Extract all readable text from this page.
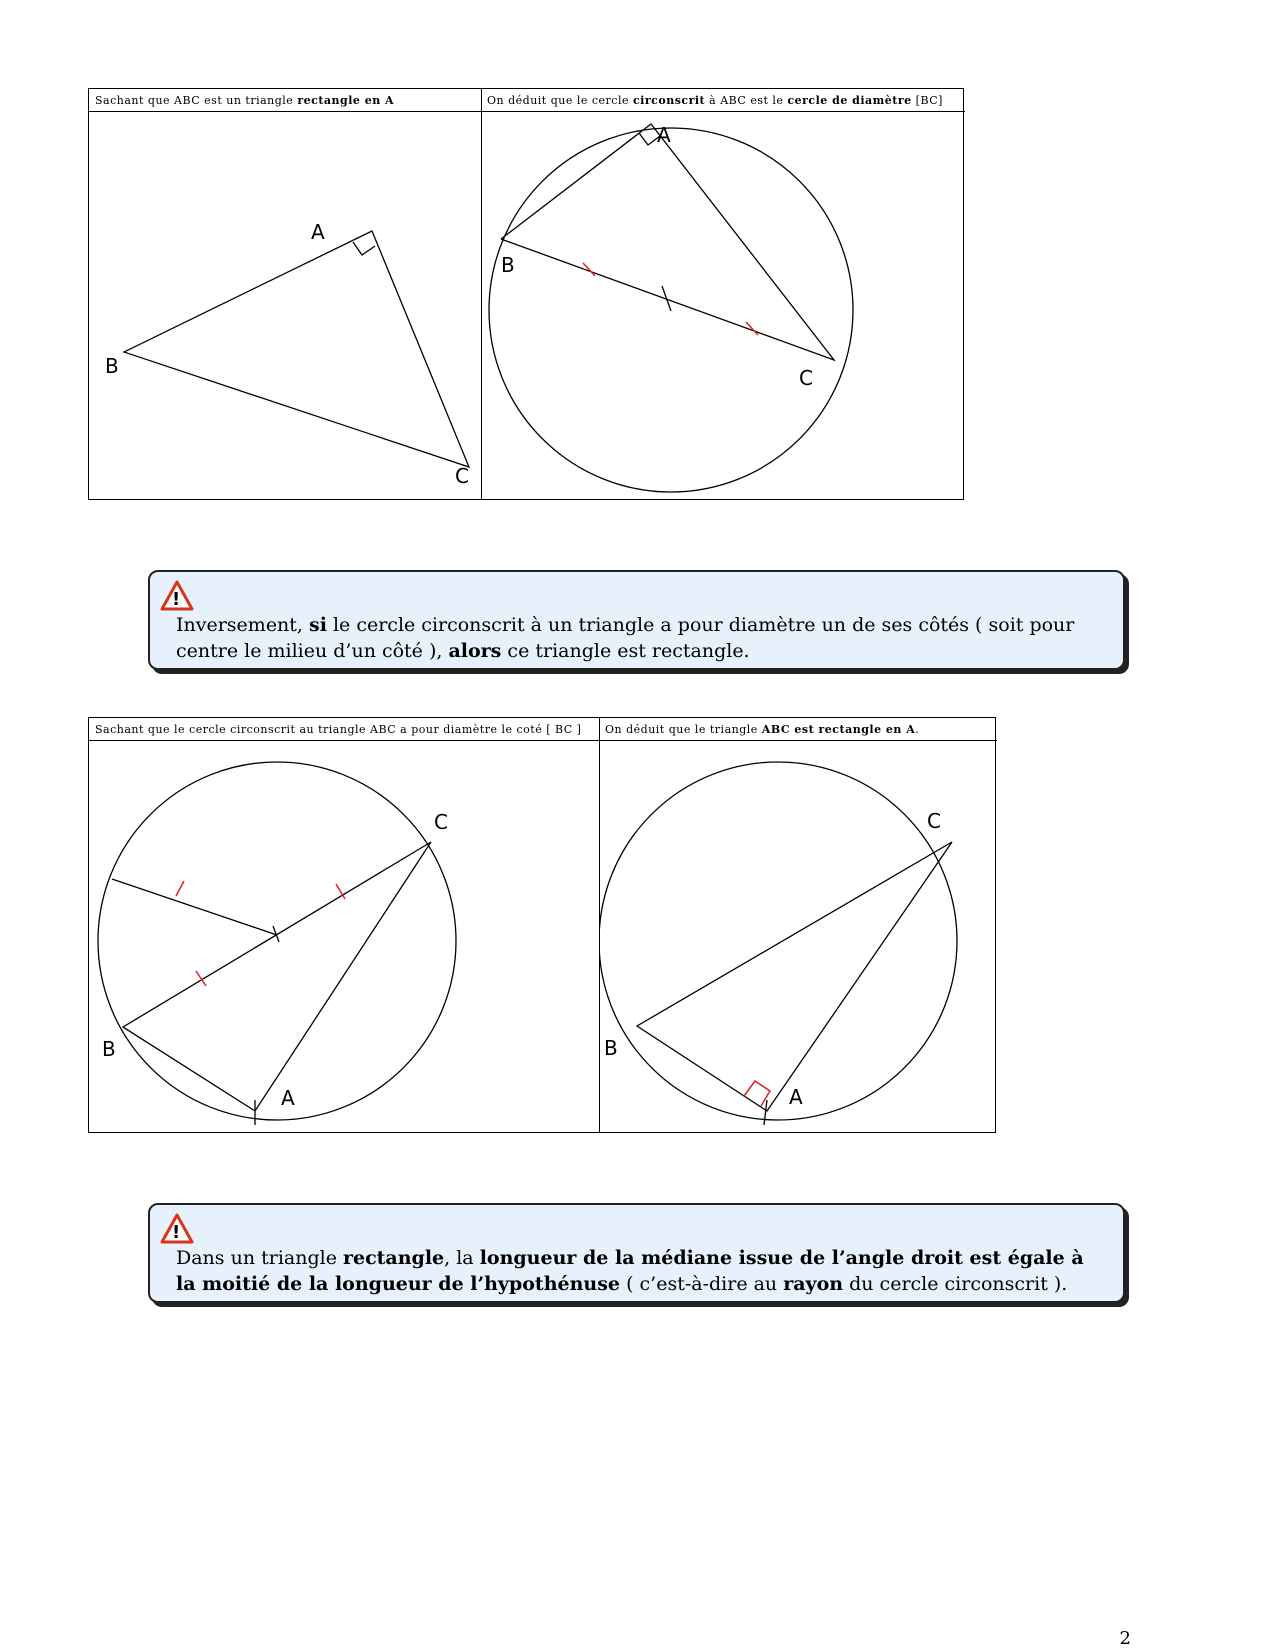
Sachant que ABC est un triangle rectangle en A	On déduit que le cercle circonscrit à ABC est le cercle de diamètre [BC]
A
B
C
A
B
C
!
Inversement, si le cercle circonscrit à un triangle a pour diamètre un de ses côtés ( soit pour centre le milieu d’un côté ), alors ce triangle est rectangle.
Sachant que le cercle circonscrit au triangle ABC a pour diamètre le coté [ BC ]	On déduit que le triangle ABC est rectangle en A.
C
B
A
C
B
A
!
Dans un triangle rectangle, la longueur de la médiane issue de l’angle droit est égale à la moitié de la longueur de l’hypothénuse ( c’est-à-dire au rayon du cercle circonscrit ).
2
